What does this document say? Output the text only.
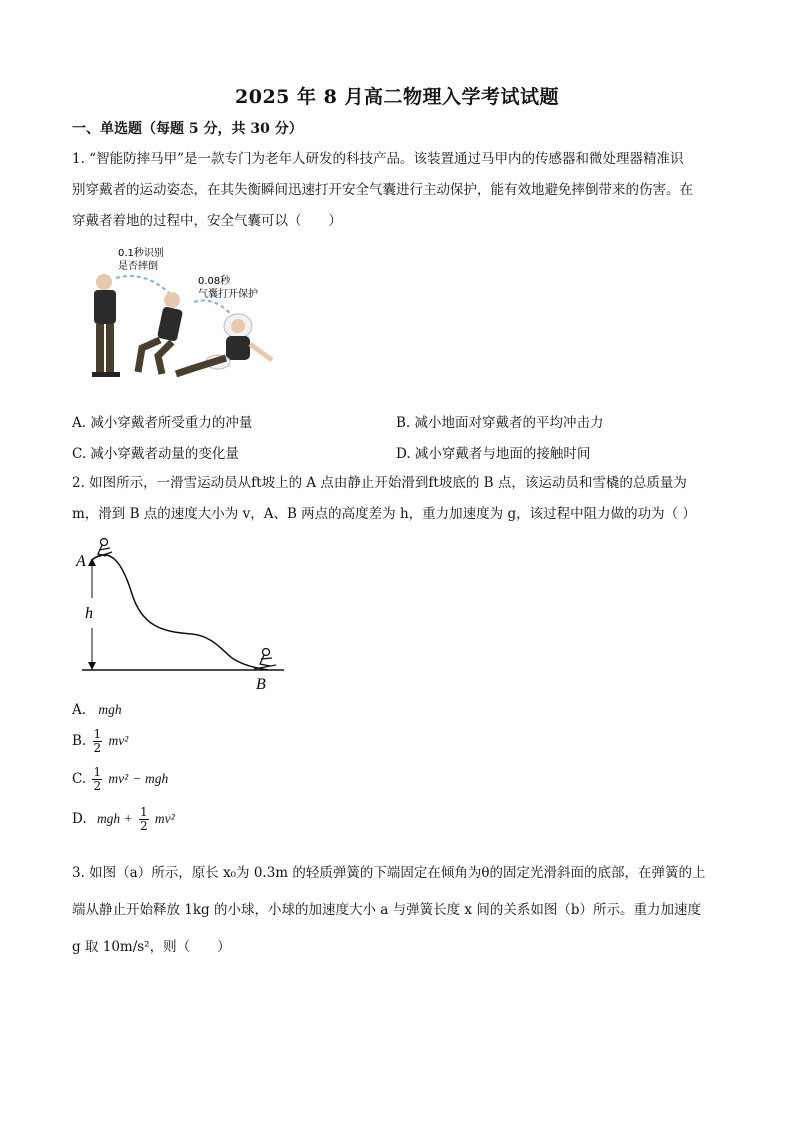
2025 年 8 月高二物理入学考试试题
一、单选题（每题 5 分，共 30 分）
1. “智能防摔马甲”是一款专门为老年人研发的科技产品。该装置通过马甲内的传感器和微处理器精准识
别穿戴者的运动姿态，在其失衡瞬间迅速打开安全气囊进行主动保护，能有效地避免摔倒带来的伤害。在
穿戴者着地的过程中，安全气囊可以（　　）
0.1秒识别
是否摔倒
0.08秒
气囊打开保护
A. 减小穿戴者所受重力的冲量	B. 减小地面对穿戴者的平均冲击力
C. 减小穿戴者动量的变化量	D. 减小穿戴者与地面的接触时间
2. 如图所示，一滑雪运动员从ft坡上的 A 点由静止开始滑到ft坡底的 B 点，该运动员和雪橇的总质量为
m，滑到 B 点的速度大小为 v，A、B 两点的高度差为 h，重力加速度为 g，该过程中阻力做的功为（ ）
A
h
B
A. mgh
B. $\frac{1}{2} mv^2$
C. $\frac{1}{2} mv^2$ − mgh
D. mgh + $\frac{1}{2} mv^2$
3. 如图（a）所示，原长 x₀为 0.3m 的轻质弹簧的下端固定在倾角为θ的固定光滑斜面的底部，在弹簧的上
端从静止开始释放 1kg 的小球，小球的加速度大小 a 与弹簧长度 x 间的关系如图（b）所示。重力加速度
g 取 10m/s²，则（　　）
